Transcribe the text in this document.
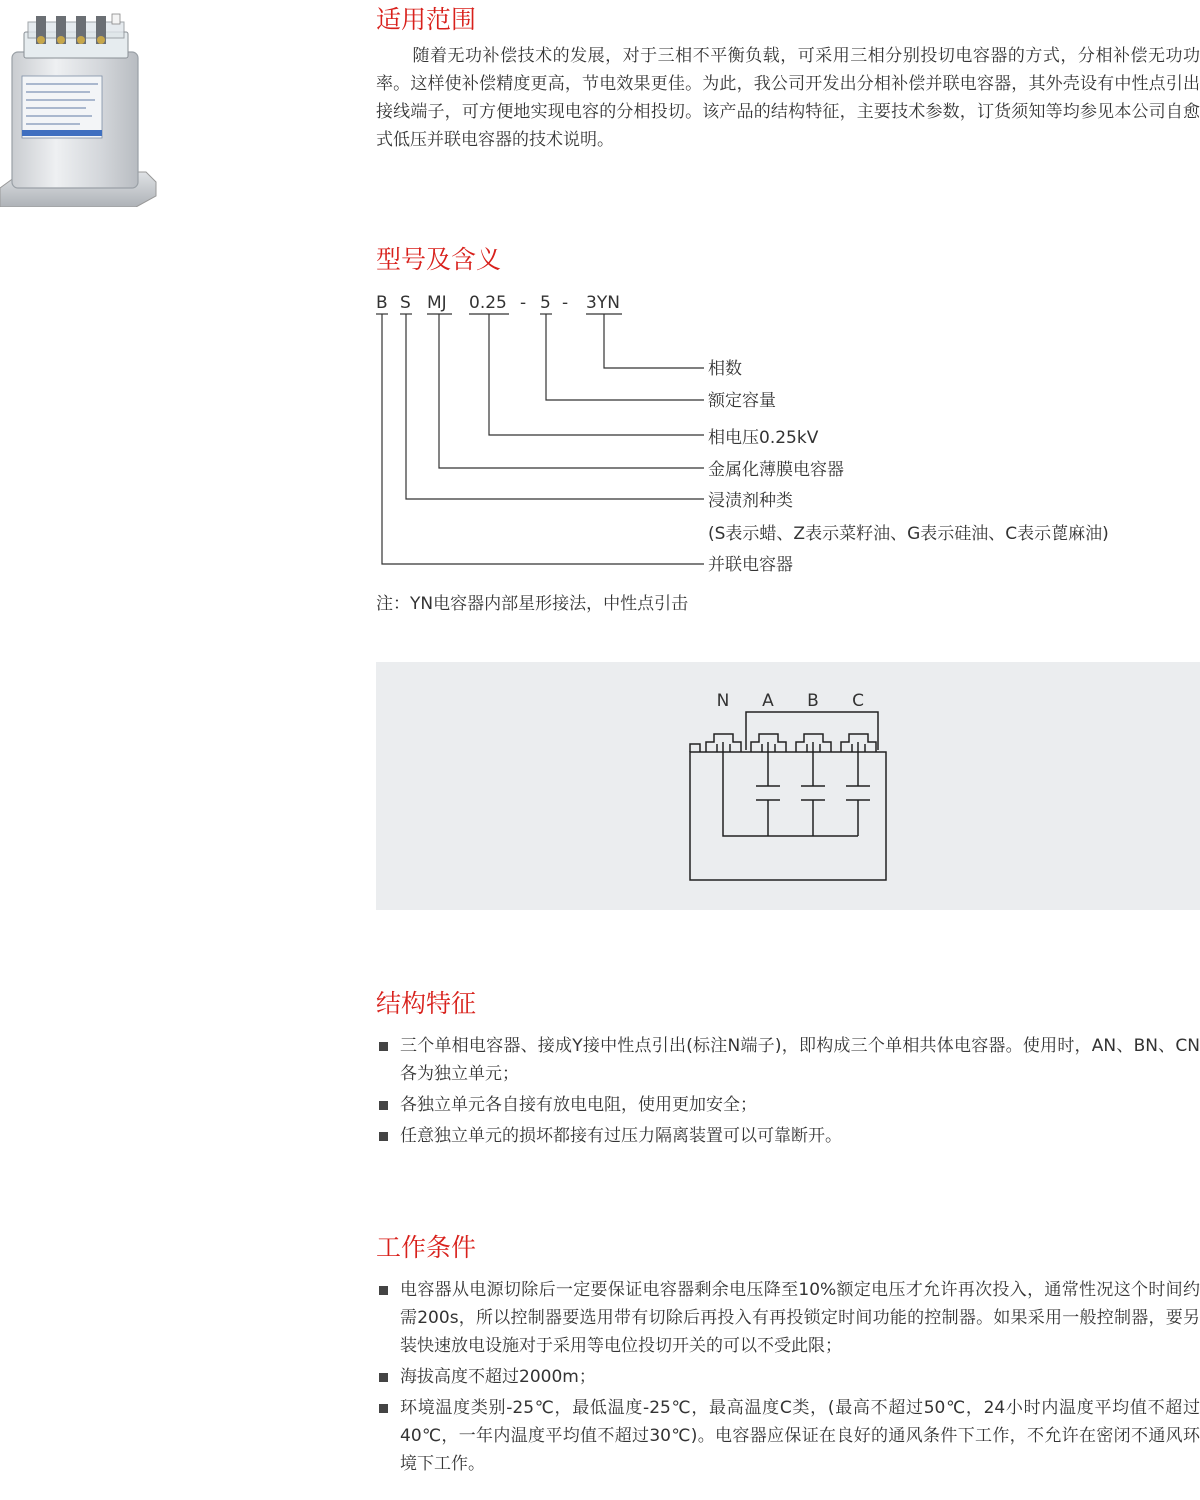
适用范围

随着无功补偿技术的发展，对于三相不平衡负载，可采用三相分别投切电容器的方式，分相补偿无功功率。这样使补偿精度更高，节电效果更佳。为此，我公司开发出分相补偿并联电容器，其外壳设有中性点引出接线端子，可方便地实现电容的分相投切。该产品的结构特征，主要技术参数，订货须知等均参见本公司自愈式低压并联电容器的技术说明。

型号及含义
B S MJ 0.25 - 5 - 3YN
相数
额定容量
相电压0.25kV
金属化薄膜电容器
浸渍剂种类
(S表示蜡、Z表示菜籽油、G表示硅油、C表示蓖麻油)
并联电容器

注：YN电容器内部星形接法，中性点引击

N A B C
结构特征
三个单相电容器、接成Y接中性点引出(标注N端子)，即构成三个单相共体电容器。使用时，AN、BN、CN各为独立单元；
各独立单元各自接有放电电阻，使用更加安全；
任意独立单元的损坏都接有过压力隔离装置可以可靠断开。
工作条件
电容器从电源切除后一定要保证电容器剩余电压降至10%额定电压才允许再次投入，通常性况这个时间约需200s，所以控制器要选用带有切除后再投入有再投锁定时间功能的控制器。如果采用一般控制器，要另装快速放电设施对于采用等电位投切开关的可以不受此限；
海拔高度不超过2000m；
环境温度类别-25℃，最低温度-25℃，最高温度C类，(最高不超过50℃，24小时内温度平均值不超过40℃，一年内温度平均值不超过30℃)。电容器应保证在良好的通风条件下工作，不允许在密闭不通风环境下工作。
